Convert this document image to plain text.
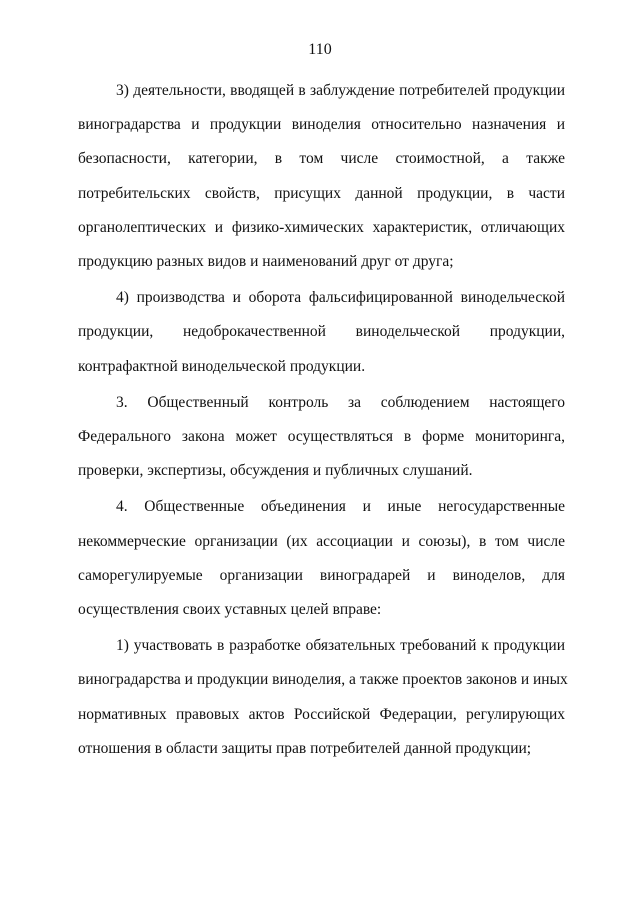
110
3) деятельности, вводящей в заблуждение потребителей продукции
виноградарства и продукции виноделия относительно назначения и
безопасности, категории, в том числе стоимостной, а также
потребительских свойств, присущих данной продукции, в части
органолептических и физико-химических характеристик, отличающих
продукцию разных видов и наименований друг от друга;
4) производства и оборота фальсифицированной винодельческой
продукции, недоброкачественной винодельческой продукции,
контрафактной винодельческой продукции.
3. Общественный контроль за соблюдением настоящего
Федерального закона может осуществляться в форме мониторинга,
проверки, экспертизы, обсуждения и публичных слушаний.
4. Общественные объединения и иные негосударственные
некоммерческие организации (их ассоциации и союзы), в том числе
саморегулируемые организации виноградарей и виноделов, для
осуществления своих уставных целей вправе:
1) участвовать в разработке обязательных требований к продукции
виноградарства и продукции виноделия, а также проектов законов и иных
нормативных правовых актов Российской Федерации, регулирующих
отношения в области защиты прав потребителей данной продукции;
